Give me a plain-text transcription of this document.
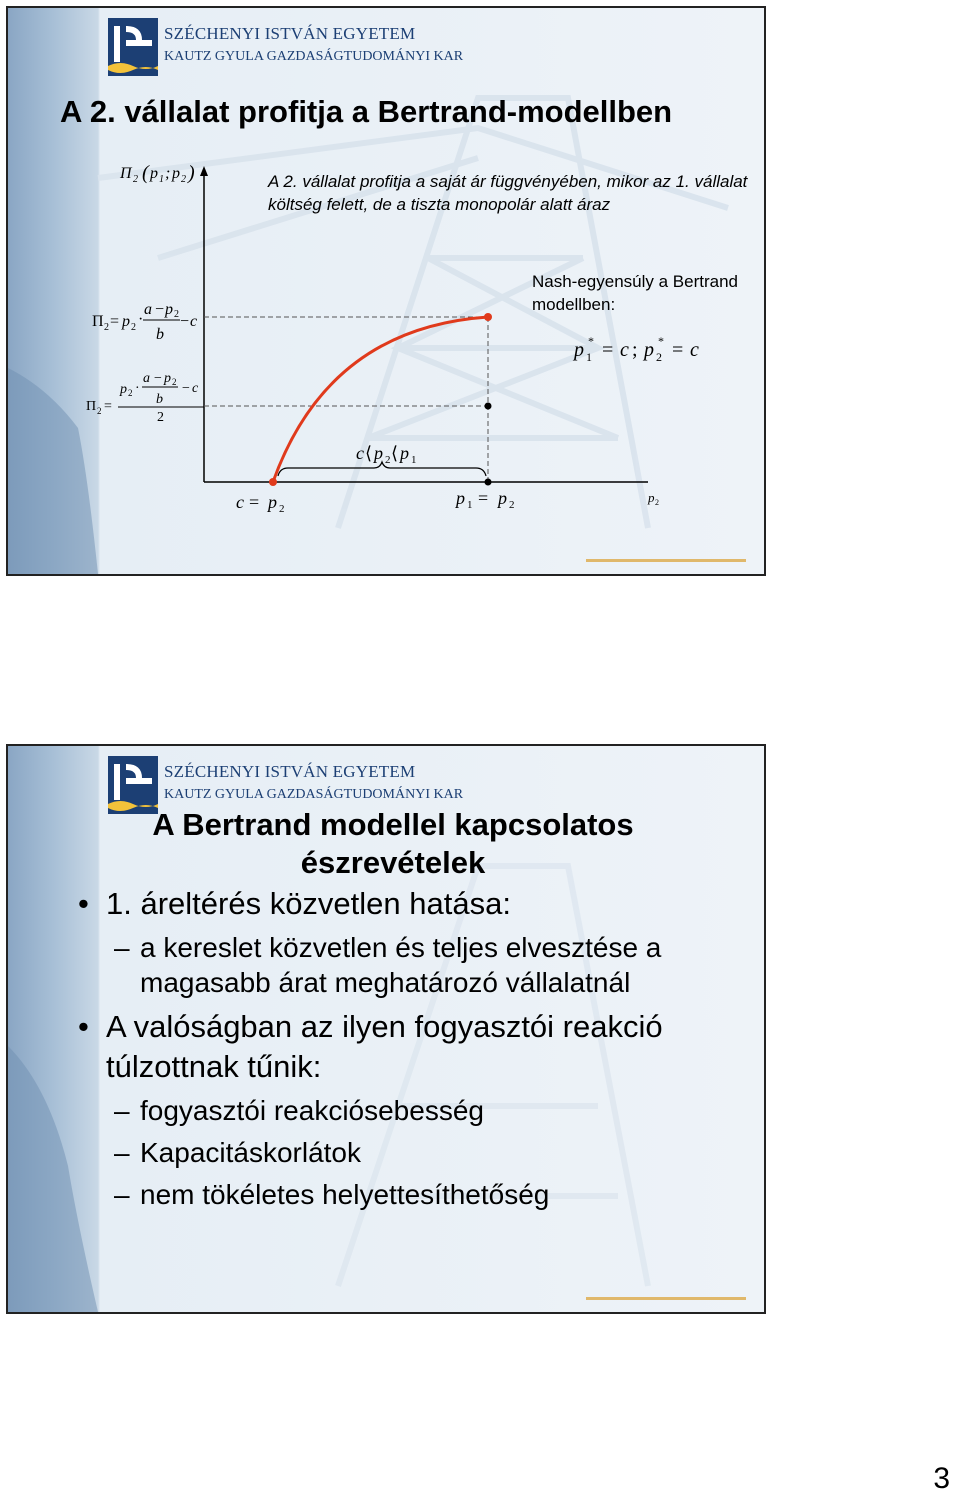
SZÉCHENYI ISTVÁN EGYETEM
KAUTZ GYULA GAZDASÁGTUDOMÁNYI KAR
A 2. vállalat profitja a Bertrand-modellben
A 2. vállalat profitja a saját ár függvényében, mikor az 1. vállalat költség felett, de a tiszta monopolár alatt áraz
Nash-egyensúly a Bertrand modellben:
Π 2 ( p 1 ; p 2 )
Π 2 = p 2 ·
a − p 2
b
− c
Π 2 =
p 2 ·
a − p 2
b
− c
2
c ⟨ p 2 ⟨ p 1
c = p 2
p 1 = p 2	p 2
p 1
* = c ; p 2
* = c
SZÉCHENYI ISTVÁN EGYETEM
KAUTZ GYULA GAZDASÁGTUDOMÁNYI KAR
A Bertrand modellel kapcsolatos észrevételek
• 1. áreltérés közvetlen hatása:
– a kereslet közvetlen és teljes elvesztése a magasabb árat meghatározó vállalatnál
• A valóságban az ilyen fogyasztói reakció túlzottnak tűnik:
– fogyasztói reakciósebesség
– Kapacitáskorlátok
– nem tökéletes helyettesíthetőség
3
